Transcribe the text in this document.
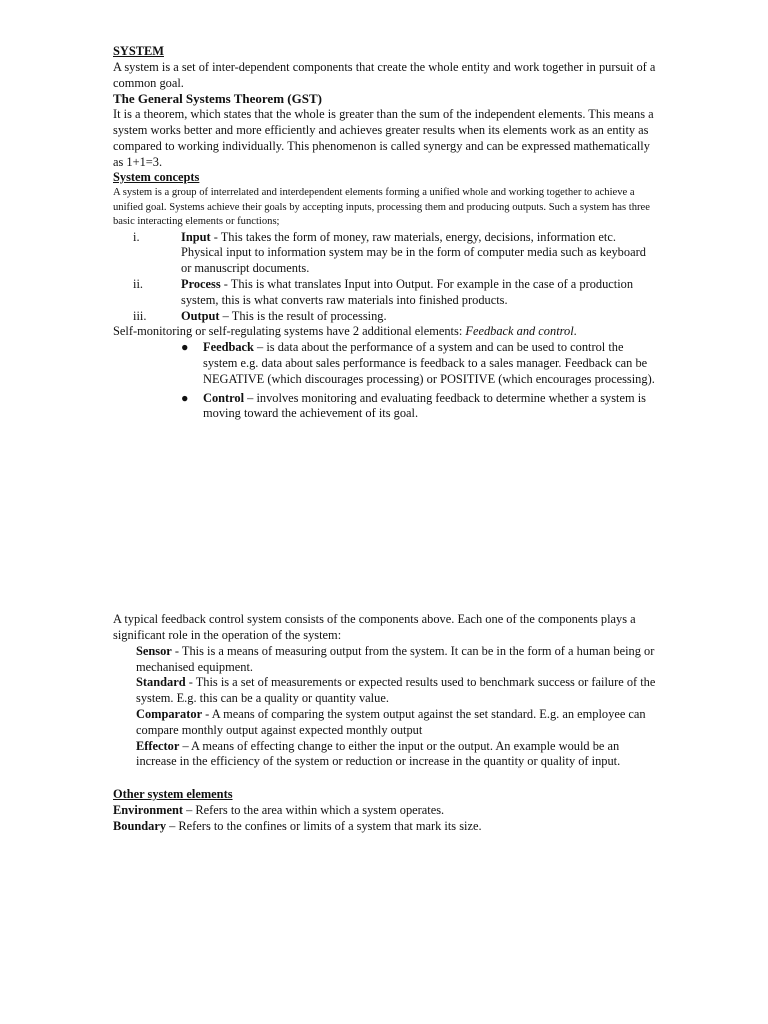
SYSTEM

A system is a set of inter-dependent components that create the whole entity and work together in pursuit of a common goal.

The General Systems Theorem (GST)

It is a theorem, which states that the whole is greater than the sum of the independent elements. This means a system works better and more efficiently and achieves greater results when its elements work as an entity as compared to working individually. This phenomenon is called synergy and can be expressed mathematically as 1+1=3.

System concepts

A system is a group of interrelated and interdependent elements forming a unified whole and working together to achieve a unified goal. Systems achieve their goals by accepting inputs, processing them and producing outputs. Such a system has three basic interacting elements or functions;

i.	Input - This takes the form of money, raw materials, energy, decisions, information etc. Physical input to information system may be in the form of computer media such as keyboard or manuscript documents.
ii.	Process - This is what translates Input into Output. For example in the case of a production system, this is what converts raw materials into finished products.
iii.	Output – This is the result of processing.

Self-monitoring or self-regulating systems have 2 additional elements: Feedback and control.

●	Feedback – is data about the performance of a system and can be used to control the system e.g. data about sales performance is feedback to a sales manager. Feedback can be NEGATIVE (which discourages processing) or POSITIVE (which encourages processing).
●	Control – involves monitoring and evaluating feedback to determine whether a system is moving toward the achievement of its goal.

A typical feedback control system consists of the components above. Each one of the components plays a significant role in the operation of the system:

Sensor - This is a means of measuring output from the system. It can be in the form of a human being or mechanised equipment.

Standard - This is a set of measurements or expected results used to benchmark success or failure of the system. E.g. this can be a quality or quantity value.

Comparator - A means of comparing the system output against the set standard. E.g. an employee can compare monthly output against expected monthly output

Effector – A means of effecting change to either the input or the output. An example would be an increase in the efficiency of the system or reduction or increase in the quantity or quality of input.

Other system elements

Environment – Refers to the area within which a system operates.

Boundary – Refers to the confines or limits of a system that mark its size.
